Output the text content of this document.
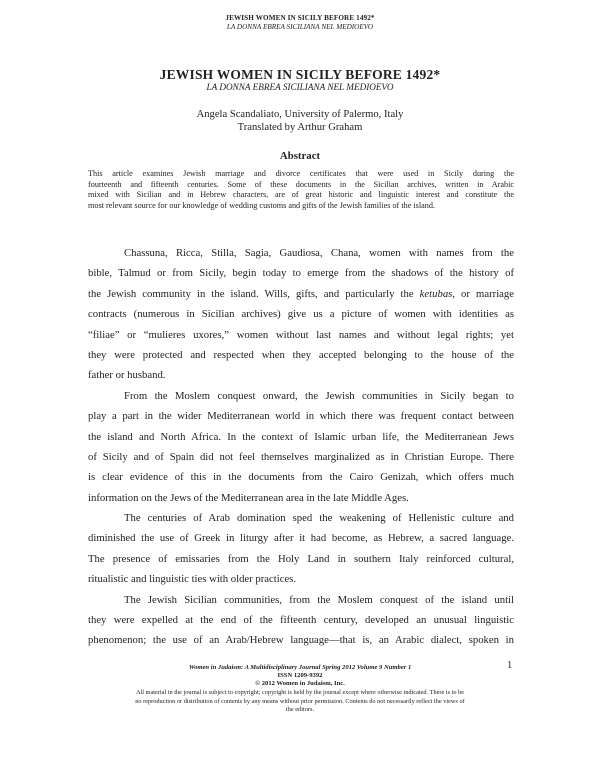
JEWISH WOMEN IN SICILY BEFORE 1492*
LA DONNA EBREA SICILIANA NEL MEDIOEVO
JEWISH WOMEN IN SICILY BEFORE 1492*
LA DONNA EBREA SICILIANA NEL MEDIOEVO
Angela Scandaliato, University of Palermo, Italy
Translated by Arthur Graham
Abstract
This article examines Jewish marriage and divorce certificates that were used in Sicily during the
fourteenth and fifteenth centuries. Some of these documents in the Sicilian archives, written in Arabic
mixed with Sicilian and in Hebrew characters, are of great historic and linguistic interest and constitute the
most relevant source for our knowledge of wedding customs and gifts of the Jewish families of the island.
Chassuna, Ricca, Stilla, Sagia, Gaudiosa, Chana, women with names from the
bible, Talmud or from Sicily, begin today to emerge from the shadows of the history of
the Jewish community in the island. Wills, gifts, and particularly the ketubas, or marriage
contracts (numerous in Sicilian archives) give us a picture of women with identities as
“filiae” or “mulieres uxores,” women without last names and without legal rights; yet
they were protected and respected when they accepted belonging to the house of the
father or husband.
From the Moslem conquest onward, the Jewish communities in Sicily began to
play a part in the wider Mediterranean world in which there was frequent contact between
the island and North Africa. In the context of Islamic urban life, the Mediterranean Jews
of Sicily and of Spain did not feel themselves marginalized as in Christian Europe. There
is clear evidence of this in the documents from the Cairo Genizah, which offers much
information on the Jews of the Mediterranean area in the late Middle Ages.
The centuries of Arab domination sped the weakening of Hellenistic culture and
diminished the use of Greek in liturgy after it had become, as Hebrew, a sacred language.
The presence of emissaries from the Holy Land in southern Italy reinforced cultural,
ritualistic and linguistic ties with older practices.
The Jewish Sicilian communities, from the Moslem conquest of the island until
they were expelled at the end of the fifteenth century, developed an unusual linguistic
phenomenon; the use of an Arab/Hebrew language—that is, an Arabic dialect, spoken in
1
Women in Judaism: A Multidisciplinary Journal Spring 2012 Volume 9 Number 1
ISSN 1209-9392
© 2012 Women in Judaism, Inc.
All material in the journal is subject to copyright; copyright is held by the journal except where otherwise indicated. There is to be
no reproduction or distribution of contents by any means without prior permission. Contents do not necessarily reflect the views of
the editors.
